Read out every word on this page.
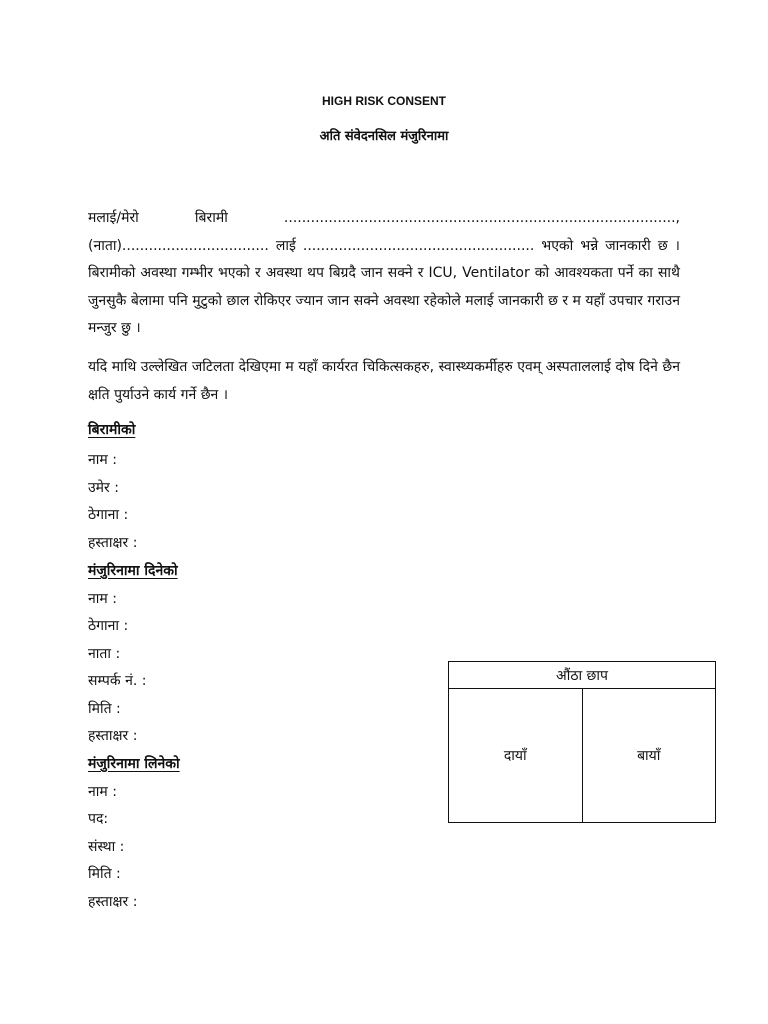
HIGH RISK CONSENT
अति संवेदनसिल मंजुरिनामा
मलाई/मेरो बिरामी ........................................................................................, (नाता)................................. लाई .................................................... भएको भन्ने जानकारी छ । बिरामीको अवस्था गम्भीर भएको र अवस्था थप बिग्रदै जान सक्ने र ICU, Ventilator को आवश्यकता पर्ने का साथै जुनसुकै बेलामा पनि मुटुको छाल रोकिएर ज्यान जान सक्ने अवस्था रहेकोले मलाई जानकारी छ र म यहाँ उपचार गराउन मन्जुर छु ।
यदि माथि उल्लेखित जटिलता देखिएमा म यहाँ कार्यरत चिकित्सकहरु, स्वास्थ्यकर्मीहरु एवम् अस्पताललाई दोष दिने छैन क्षति पुर्याउने कार्य गर्ने छैन ।
बिरामीको
नाम :
उमेर :
ठेगाना :
हस्ताक्षर :
मंजुरिनामा दिनेको
नाम :
ठेगाना :
नाता :
सम्पर्क नं. :
मिति :
हस्ताक्षर :
मंजुरिनामा लिनेको
नाम :
पद:
संस्था :
मिति :
हस्ताक्षर :
औंठा छाप
दायाँ	बायाँ
